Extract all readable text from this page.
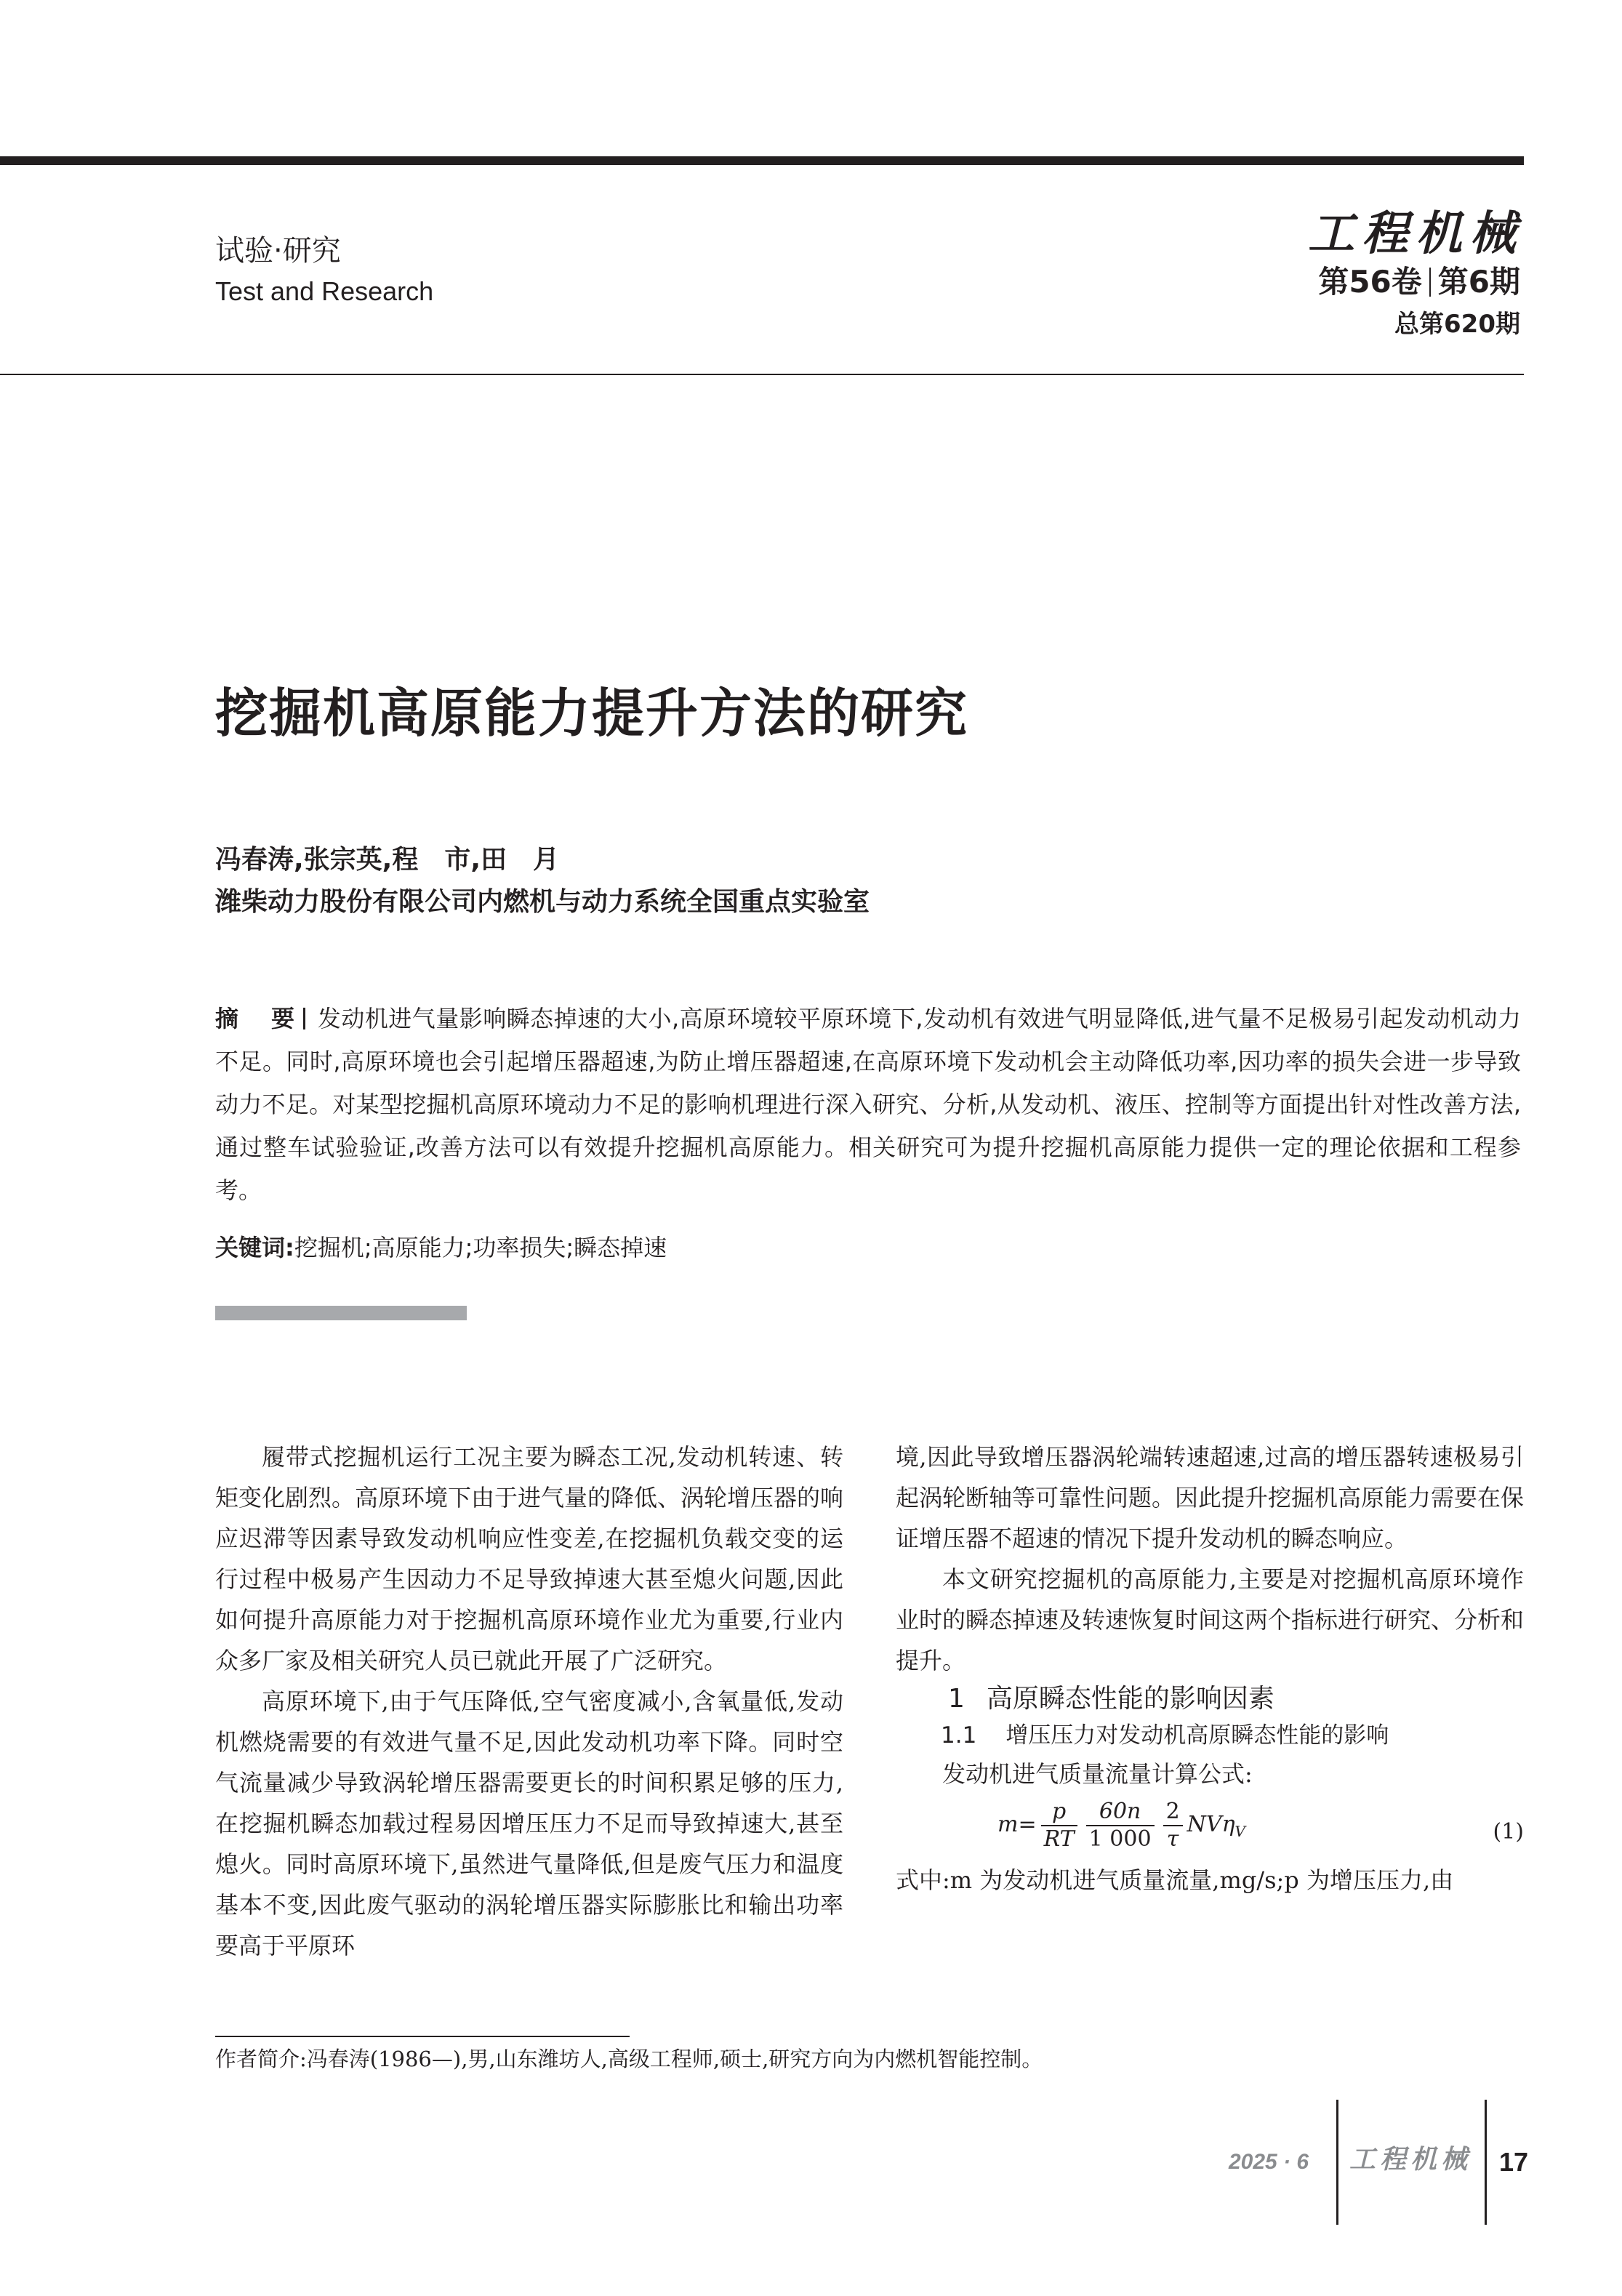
试验·研究
Test and Research
工程机械
第56卷 第6期
总第620期
挖掘机高原能力提升方法的研究
冯春涛,张宗英,程　市,田　月
潍柴动力股份有限公司内燃机与动力系统全国重点实验室
摘　要 发动机进气量影响瞬态掉速的大小,高原环境较平原环境下,发动机有效进气明显降低,进气量不足极易引起发动机动力不足。同时,高原环境也会引起增压器超速,为防止增压器超速,在高原环境下发动机会主动降低功率,因功率的损失会进一步导致动力不足。对某型挖掘机高原环境动力不足的影响机理进行深入研究、分析,从发动机、液压、控制等方面提出针对性改善方法,通过整车试验验证,改善方法可以有效提升挖掘机高原能力。相关研究可为提升挖掘机高原能力提供一定的理论依据和工程参考。
关键词:挖掘机;高原能力;功率损失;瞬态掉速

履带式挖掘机运行工况主要为瞬态工况,发动机转速、转矩变化剧烈。高原环境下由于进气量的降低、涡轮增压器的响应迟滞等因素导致发动机响应性变差,在挖掘机负载交变的运行过程中极易产生因动力不足导致掉速大甚至熄火问题,因此如何提升高原能力对于挖掘机高原环境作业尤为重要,行业内众多厂家及相关研究人员已就此开展了广泛研究。

高原环境下,由于气压降低,空气密度减小,含氧量低,发动机燃烧需要的有效进气量不足,因此发动机功率下降。同时空气流量减少导致涡轮增压器需要更长的时间积累足够的压力,在挖掘机瞬态加载过程易因增压压力不足而导致掉速大,甚至熄火。同时高原环境下,虽然进气量降低,但是废气压力和温度基本不变,因此废气驱动的涡轮增压器实际膨胀比和输出功率要高于平原环

境,因此导致增压器涡轮端转速超速,过高的增压器转速极易引起涡轮断轴等可靠性问题。因此提升挖掘机高原能力需要在保证增压器不超速的情况下提升发动机的瞬态响应。

本文研究挖掘机的高原能力,主要是对挖掘机高原环境作业时的瞬态掉速及转速恢复时间这两个指标进行研究、分析和提升。

1 高原瞬态性能的影响因素

1.1 增压压力对发动机高原瞬态性能的影响

发动机进气质量流量计算公式:

$m= \frac{p}{RT} \frac{60n}{1 000} \frac{2}{\tau} NV\eta_V$	(1)

式中:m 为发动机进气质量流量,mg/s;p 为增压压力,由

作者简介:冯春涛(1986—),男,山东潍坊人,高级工程师,硕士,研究方向为内燃机智能控制。
2025 · 6 工程机械 17
